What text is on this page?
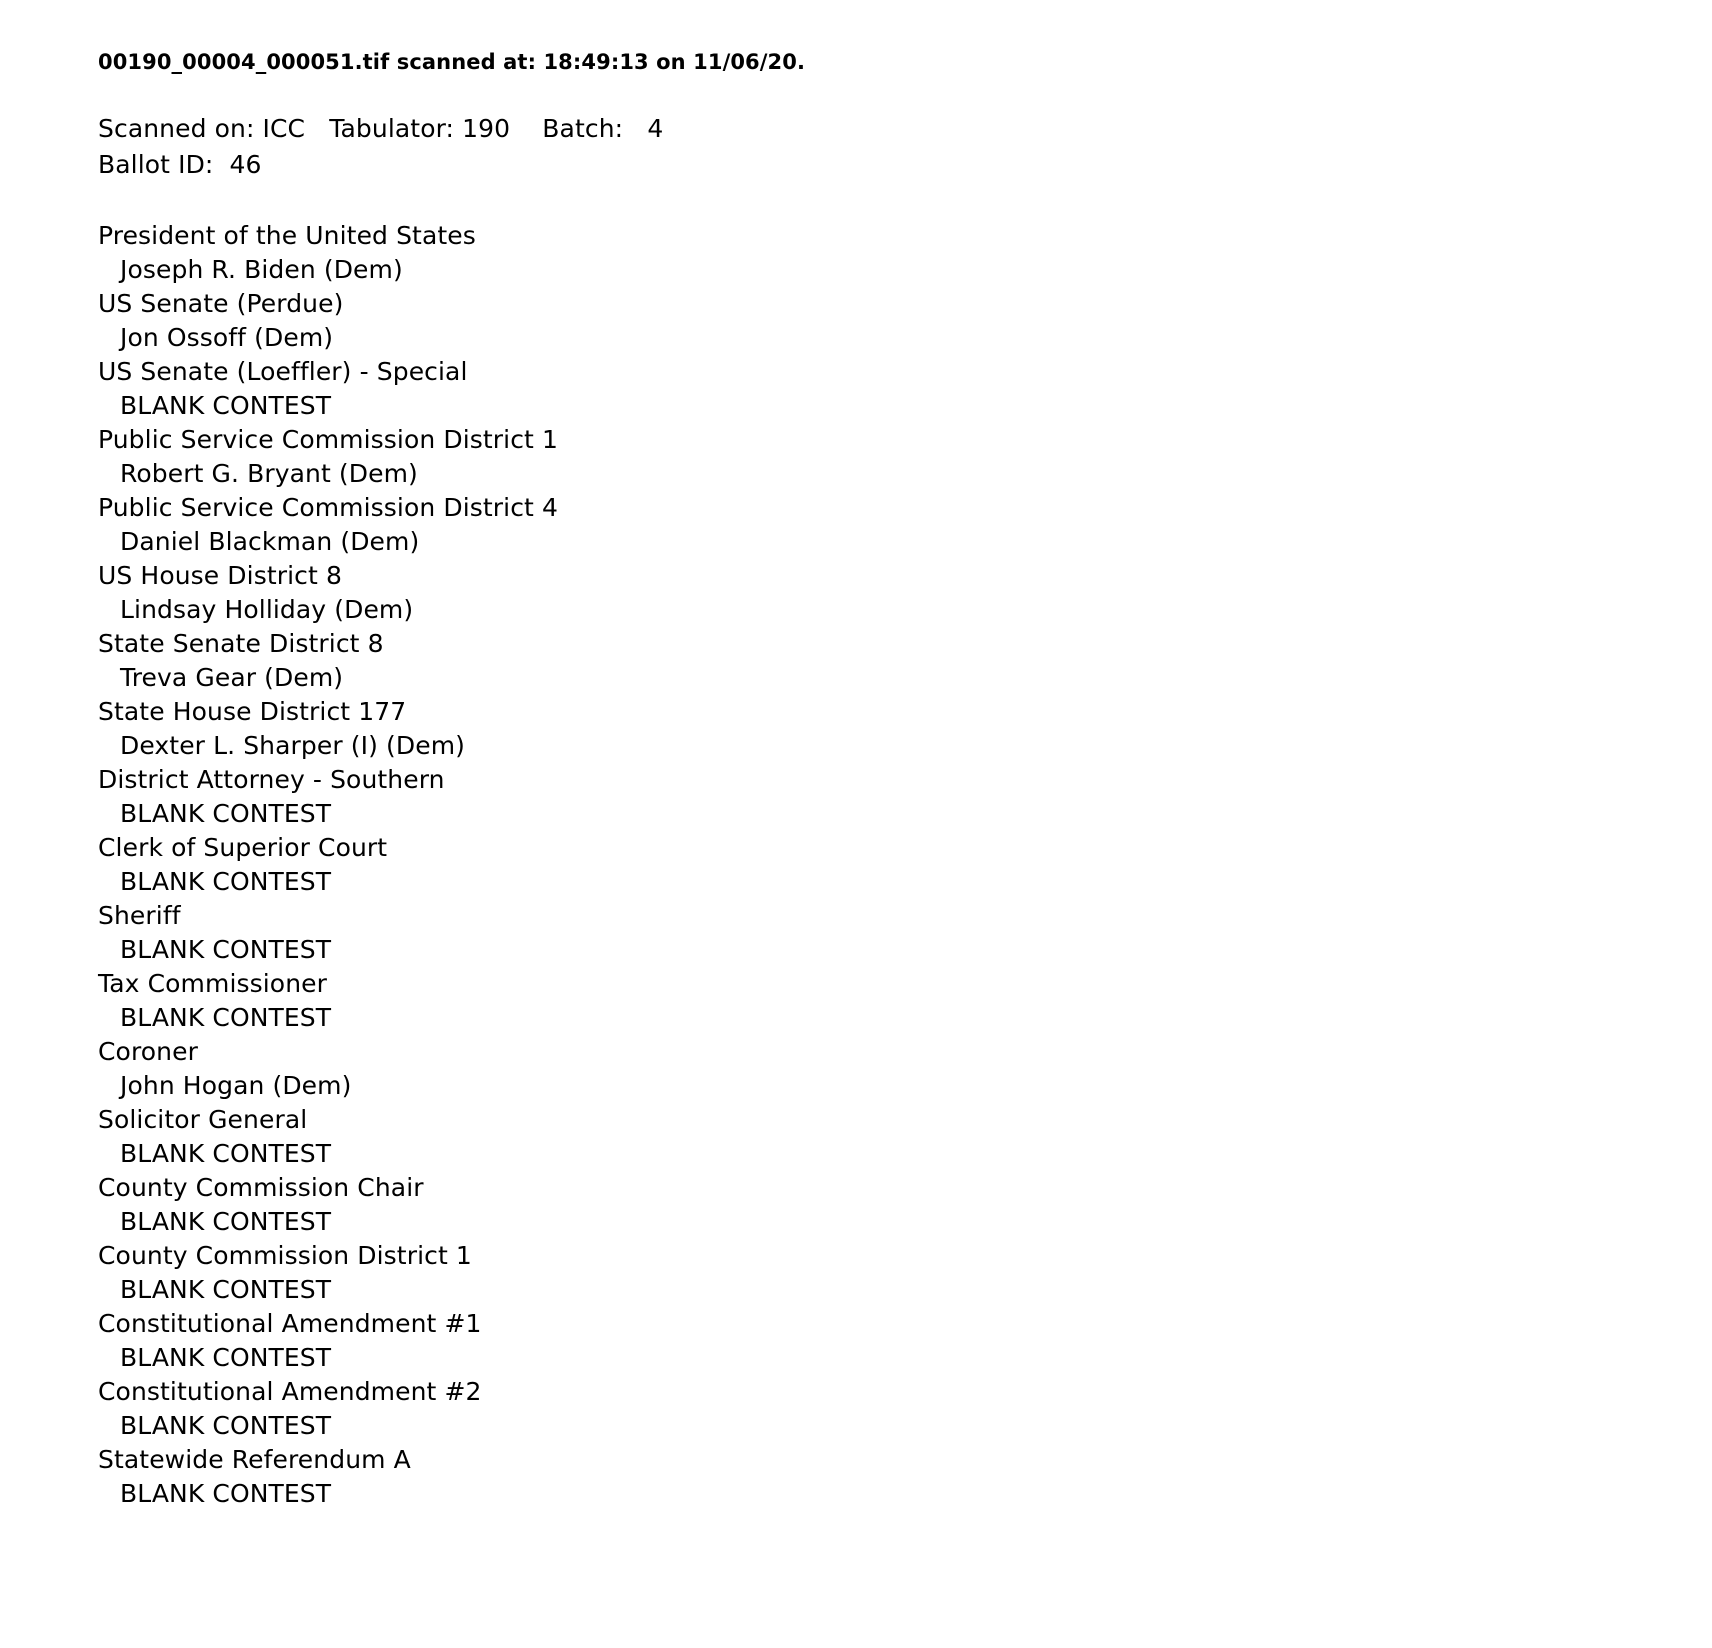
00190_00004_000051.tif scanned at: 18:49:13 on 11/06/20.
Scanned on: ICC   Tabulator: 190    Batch:   4
Ballot ID:  46
President of the United States
Joseph R. Biden (Dem)
US Senate (Perdue)
Jon Ossoff (Dem)
US Senate (Loeffler) - Special
BLANK CONTEST
Public Service Commission District 1
Robert G. Bryant (Dem)
Public Service Commission District 4
Daniel Blackman (Dem)
US House District 8
Lindsay Holliday (Dem)
State Senate District 8
Treva Gear (Dem)
State House District 177
Dexter L. Sharper (I) (Dem)
District Attorney - Southern
BLANK CONTEST
Clerk of Superior Court
BLANK CONTEST
Sheriff
BLANK CONTEST
Tax Commissioner
BLANK CONTEST
Coroner
John Hogan (Dem)
Solicitor General
BLANK CONTEST
County Commission Chair
BLANK CONTEST
County Commission District 1
BLANK CONTEST
Constitutional Amendment #1
BLANK CONTEST
Constitutional Amendment #2
BLANK CONTEST
Statewide Referendum A
BLANK CONTEST
